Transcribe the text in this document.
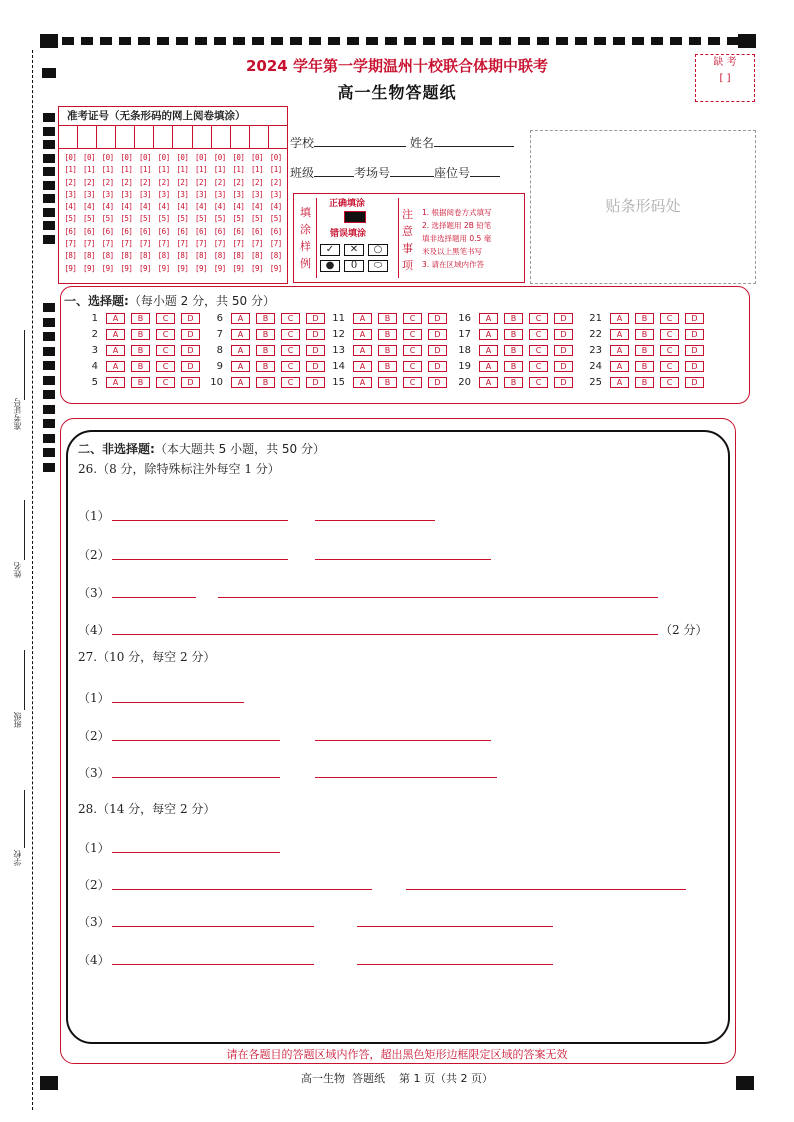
准考证号
姓名
班级
学校
2024 学年第一学期温州十校联合体期中联考
高一生物答题纸
缺 考
[ ]
准考证号（无条形码的网上阅卷填涂）
[0] [0] [0] [0] [0] [0] [0] [0] [0] [0] [0] [0]
[1] [1] [1] [1] [1] [1] [1] [1] [1] [1] [1] [1]
[2] [2] [2] [2] [2] [2] [2] [2] [2] [2] [2] [2]
[3] [3] [3] [3] [3] [3] [3] [3] [3] [3] [3] [3]
[4] [4] [4] [4] [4] [4] [4] [4] [4] [4] [4] [4]
[5] [5] [5] [5] [5] [5] [5] [5] [5] [5] [5] [5]
[6] [6] [6] [6] [6] [6] [6] [6] [6] [6] [6] [6]
[7] [7] [7] [7] [7] [7] [7] [7] [7] [7] [7] [7]
[8] [8] [8] [8] [8] [8] [8] [8] [8] [8] [8] [8]
[9] [9] [9] [9] [9] [9] [9] [9] [9] [9] [9] [9]
学校	姓名
班级	考场号	座位号
填
涂
样
例
正确填涂
错误填涂
✓ ✕ ○
● 0 ⬭
注
意
事
项
1. 根据阅卷方式填写
2. 选择题用 2B 铅笔
填非选择题用 0.5 毫
米及以上黑笔书写
3. 请在区域内作答
贴条形码处
一、选择题:（每小题 2 分，共 50 分）
1	A	B	C	D
2	A	B	C	D
3	A	B	C	D
4	A	B	C	D
5	A	B	C	D
6	A	B	C	D
7	A	B	C	D
8	A	B	C	D
9	A	B	C	D
10	A	B	C	D
11	A	B	C	D
12	A	B	C	D
13	A	B	C	D
14	A	B	C	D
15	A	B	C	D
16	A	B	C	D
17	A	B	C	D
18	A	B	C	D
19	A	B	C	D
20	A	B	C	D
21	A	B	C	D
22	A	B	C	D
23	A	B	C	D
24	A	B	C	D
25	A	B	C	D
二、非选择题:（本大题共 5 小题，共 50 分）
26.（8 分，除特殊标注外每空 1 分）
（1）
（2）
（3）
（4）	（2 分）
27.（10 分，每空 2 分）
（1）
（2）
（3）
28.（14 分，每空 2 分）
（1）
（2）
（3）
（4）
请在各题目的答题区域内作答，超出黑色矩形边框限定区域的答案无效
高一生物  答题纸    第 1 页（共 2 页）
